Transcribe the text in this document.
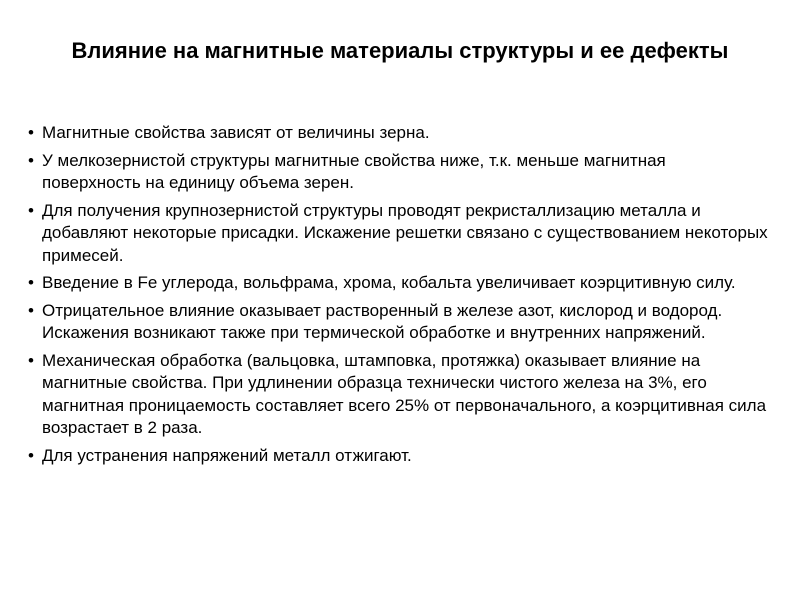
Влияние на магнитные материалы структуры и ее дефекты
• Магнитные свойства зависят от величины зерна.
• У мелкозернистой структуры магнитные свойства ниже, т.к. меньше магнитная поверхность на единицу объема зерен.
• Для получения крупнозернистой структуры проводят рекристаллизацию металла и добавляют некоторые присадки. Искажение решетки связано с существованием некоторых примесей.
• Введение в Fe углерода, вольфрама, хрома, кобальта увеличивает коэрцитивную силу.
• Отрицательное влияние оказывает растворенный в железе азот, кислород и водород. Искажения возникают также при термической обработке и внутренних напряжений.
• Механическая обработка (вальцовка, штамповка, протяжка) оказывает влияние на магнитные свойства. При удлинении образца технически чистого железа на 3%, его магнитная проницаемость составляет всего 25% от первоначального, а коэрцитивная сила возрастает в 2 раза.
• Для устранения напряжений металл отжигают.
